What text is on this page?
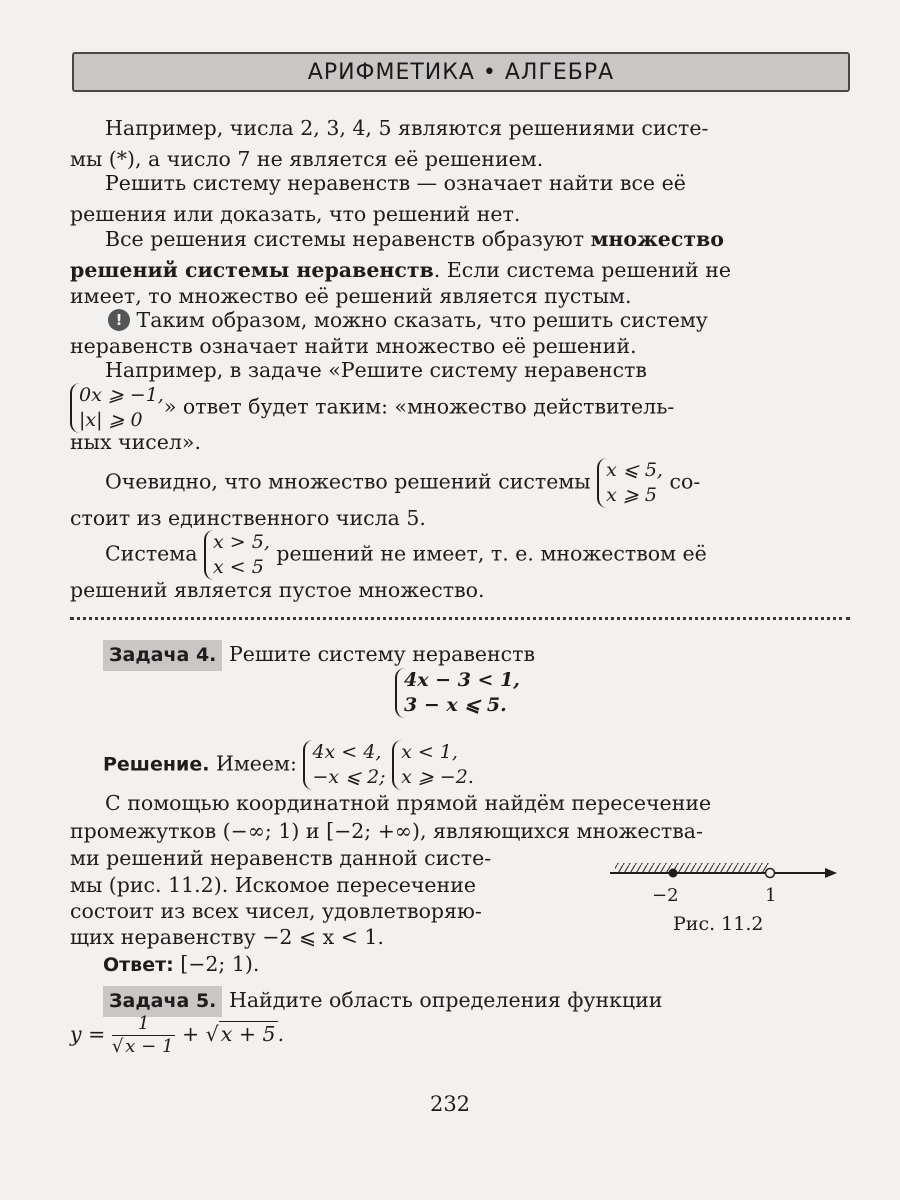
АРИФМЕТИКА • АЛГЕБРА
Например, числа 2, 3, 4, 5 являются решениями систе-
мы (*), а число 7 не является её решением.
Решить систему неравенств — означает найти все её
решения или доказать, что решений нет.
Все решения системы неравенств образуют множество
решений системы неравенств. Если система решений не
имеет, то множество её решений является пустым.
! Таким образом, можно сказать, что решить систему
неравенств означает найти множество её решений.
Например, в задаче «Решите систему неравенств
0x ⩾ −1,
|x| ⩾ 0
» ответ будет таким: «множество действитель-
ных чисел».
Очевидно, что множество решений системы x ⩽ 5,
x ⩾ 5
со-
стоит из единственного числа 5.
Система x > 5,
x < 5
решений не имеет, т. е. множеством её
решений является пустое множество.
Задача 4. Решите систему неравенств
4x − 3 < 1,
3 − x ⩽ 5.
Решение. Имеем: 4x < 4,
−x ⩽ 2;

x < 1,
x ⩾ −2.
С помощью координатной прямой найдём пересечение
промежутков (−∞; 1) и [−2; +∞), являющихся множества-
ми решений неравенств данной систе-
мы (рис. 11.2). Искомое пересечение
состоит из всех чисел, удовлетворяю-
щих неравенству −2 ⩽ x < 1.
−2	1
Рис. 11.2
Ответ: [−2; 1).
Задача 5. Найдите область определения функции
$y = \frac{1}{√ x - 1} + √x + 5$.
232
